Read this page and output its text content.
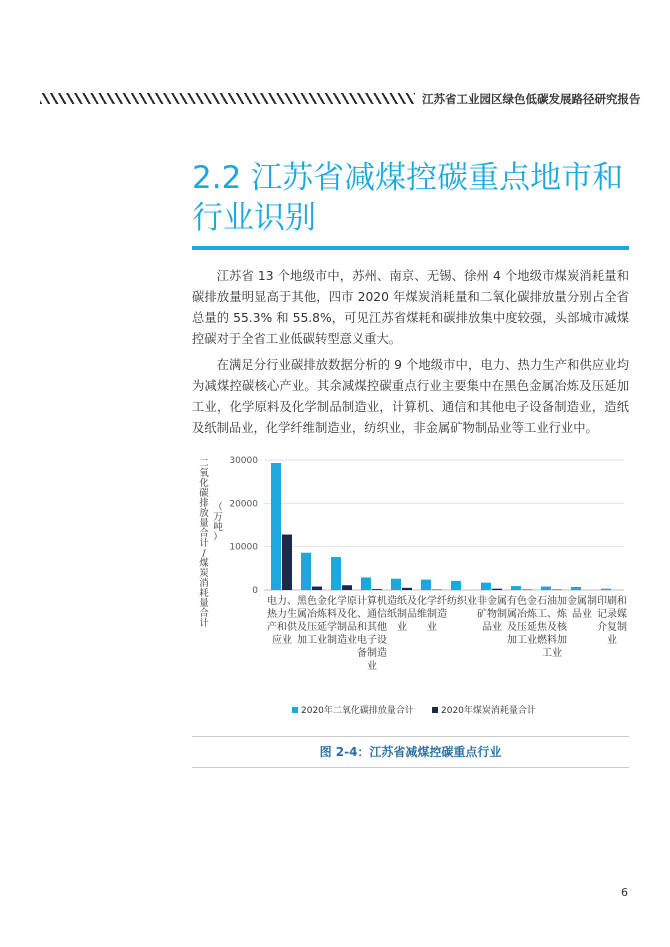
江苏省工业园区绿色低碳发展路径研究报告
2.2 江苏省减煤控碳重点地市和行业识别

江苏省 13 个地级市中，苏州、南京、无锡、徐州 4 个地级市煤炭消耗量和碳排放量明显高于其他，四市 2020 年煤炭消耗量和二氧化碳排放量分别占全省总量的 55.3% 和 55.8%，可见江苏省煤耗和碳排放集中度较强，头部城市减煤控碳对于全省工业低碳转型意义重大。

在满足分行业碳排放数据分析的 9 个地级市中，电力、热力生产和供应业均为减煤控碳核心产业。其余减煤控碳重点行业主要集中在黑色金属冶炼及压延加工业，化学原料及化学制品制造业，计算机、通信和其他电子设备制造业，造纸及纸制品业，化学纤维制造业，纺织业，非金属矿物制品业等工业行业中。

二氧化碳排放量合计/煤炭消耗量合计
（万吨）
30000
20000
10000
0
电力、热力生产和供应业
黑色金属冶炼及压延加工业
化学原料及化学制品制造业
计算机、通信和其他电子设备制造业
造纸及纸制品业
化学纤维制造业
纺织业 非金属矿物制品业
有色金属冶炼及压延加工业
石油加工、炼焦及核燃料加工业
金属制品业
印刷和记录媒介复制业
2020年二氧化碳排放量合计	2020年煤炭消耗量合计
图 2-4：江苏省减煤控碳重点行业
6
